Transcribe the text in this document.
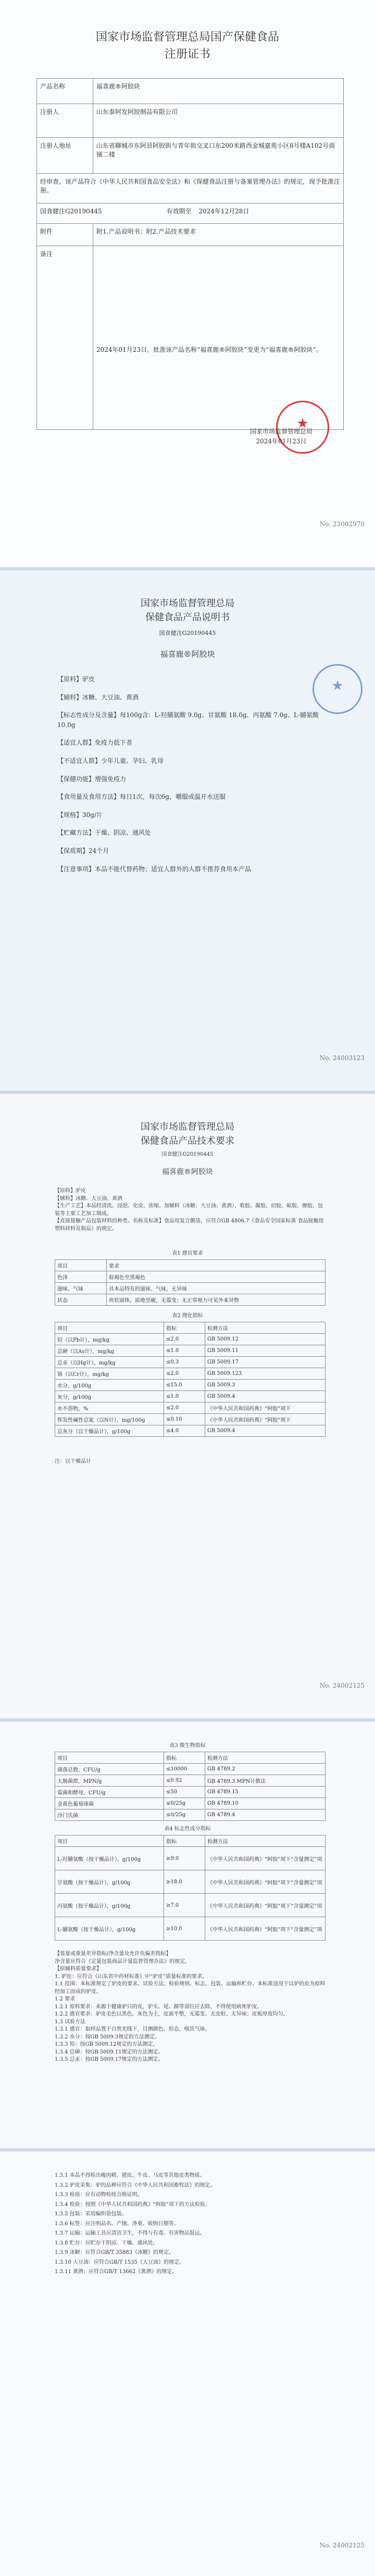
国家市场监督管理总局国产保健食品
注册证书
产品名称	福喜鹿®阿胶块
注册人	山东泰阿发阿胶制品有限公司
注册人地址	山东省聊城市东阿县阿胶街与青年街交叉口东200米路西金城嘉苑小区8号楼A102号商铺二楼
经审查，该产品符合《中华人民共和国食品安全法》和《保健食品注册与备案管理办法》的规定，现予批准注册。	
国食健注G20190445 有效期至 2024年12月28日	
附件	附1.产品说明书；附2.产品技术要求
备注	2024年01月23日，批准该产品名称“福喜鹿®阿胶块”变更为“福喜鹿®阿胶块”。
★
国家市场监督管理总局
2024年01月23日
No. 23002970
国家市场监督管理总局
保健食品产品说明书
国食健注G20190445
福喜鹿®阿胶块
【原料】驴皮
【辅料】冰糖、大豆油、黄酒
【标志性成分及含量】每100g含：L-羟脯氨酸 9.0g、甘氨酸 18.0g、丙氨酸 7.0g、L-脯氨酸 10.0g
【适宜人群】免疫力低下者
【不适宜人群】少年儿童、孕妇、乳母
【保健功能】增强免疫力
【食用量及食用方法】每日1次，每次6g，嚼服或温开水送服
【规格】30g/片
【贮藏方法】干燥、阴凉、通风处
【保质期】24个月
【注意事项】本品不能代替药物；适宜人群外的人群不推荐食用本产品
★
No. 24003123
国家市场监督管理总局
保健食品产品技术要求
国食健注G20190445
福喜鹿®阿胶块
【原料】驴皮
【辅料】冰糖、大豆油、黄酒
【生产工艺】本品经清洗、浸泡、化皮、浓缩、加辅料（冰糖、大豆油、黄酒）、收胶、凝胶、切胶、晾胶、擦胶、包装等主要工艺加工制成。
【直接接触产品包装材料的种类、名称及标准】食品用复合膜袋，应符合GB 4806.7《食品安全国家标准 食品接触用塑料材料及制品》的规定。
表1 感官要求
项目	要求
色泽	棕褐色至黑褐色
滋味、气味	具本品特有的滋味、气味，无异味
状态	块状固体，质地坚硬，无霉变；无正常视力可见外来异物
表2 理化指标
项目	指标	检测方法
铅（以Pb计），mg/kg	≤2.0	GB 5009.12
总砷（以As计），mg/kg	≤1.0	GB 5009.11
总汞（以Hg计），mg/kg	≤0.3	GB 5009.17
铬（以Cr计），mg/kg	≤2.0	GB 5009.123
水分，g/100g	≤15.0	GB 5009.3
灰分，g/100g	≤1.0	GB 5009.4
水不溶物，%	≤2.0	《中华人民共和国药典》“阿胶”项下
挥发性碱性总氮（以N计），mg/100g	≤0.10	《中华人民共和国药典》“阿胶”项下
总灰分（以干燥品计），g/100g	≤4.0	GB 5009.4
注：以干燥品计
No. 24002125
表3 微生物指标
项目	指标	检测方法
菌落总数，CFU/g	≤10000	GB 4789.2
大肠菌群，MPN/g	≤0.92	GB 4789.3 MPN计数法
霉菌和酵母，CFU/g	≤50	GB 4789.15
金黄色葡萄球菌	≤0/25g	GB 4789.10
沙门氏菌	≤0/25g	GB 4789.4
表4 标志性成分指标
项目	指标	检测方法
L-羟脯氨酸（按干燥品计），g/100g	≥9.0	《中华人民共和国药典》“阿胶”项下“含量测定”项
甘氨酸（按干燥品计），g/100g	≥18.0	《中华人民共和国药典》“阿胶”项下“含量测定”项
丙氨酸（按干燥品计），g/100g	≥7.0	《中华人民共和国药典》“阿胶”项下“含量测定”项
L-脯氨酸（按干燥品计），g/100g	≥10.0	《中华人民共和国药典》“阿胶”项下“含量测定”项
【装量或重量差异指标/净含量及允许负偏差指标】
净含量应符合《定量包装商品计量监督管理办法》的规定。
【原辅料质量要求】
1. 驴皮：应符合《山东省中药材标准》中“驴皮”质量标准的要求。
1.1 范围：本标准规定了驴皮的要求、试验方法、检验规则、标志、包装、运输和贮存。本标准适用于以驴的皮为原料经加工而成的驴皮。
1.2 要求
1.2.1 原料要求：来源于健康驴只的皮，驴头、尾、蹄等部位应去除，不得使用病死驴皮。
1.2.2 感官要求：驴皮毛色以黑色、灰色为主，皮面平整，无霉变、无虫蛀、无异味；皮板厚度均匀。
1.3 试验方法
1.3.1 感官：取样品置于自然光线下，目测颜色、形态，嗅其气味。
1.3.2 水分：按GB 5009.3规定的方法测定。
1.3.3 铅：按GB 5009.12规定的方法测定。
1.3.4 总砷：按GB 5009.11规定的方法测定。
1.3.5 总汞：按GB 5009.17规定的方法测定。
1.3.1 本品不得检出瘦肉精、猪皮、牛皮、马皮等其他皮类物质。
1.3.2 驴皮采集：驴的品种应符合《中华人民共和国畜牧法》的规定。
1.3.3 检疫：应有动物检疫合格证明。
1.3.4 检验：按照《中华人民共和国药典》“阿胶”项下的方法检验。
1.3.5 包装：采用编织袋包装。
1.3.6 标签：应注明品名、产地、净重、收购日期等。
1.3.7 运输：运输工具应清洁卫生，不得与有毒、有害物品混运。
1.3.8 贮存：应贮存于阴凉、干燥、通风处。
1.3.9 冰糖：应符合GB/T 35883《冰糖》的规定。
1.3.10 大豆油：应符合GB/T 1535《大豆油》的规定。
1.3.11 黄酒：应符合GB/T 13662《黄酒》的规定。
No. 24002125
